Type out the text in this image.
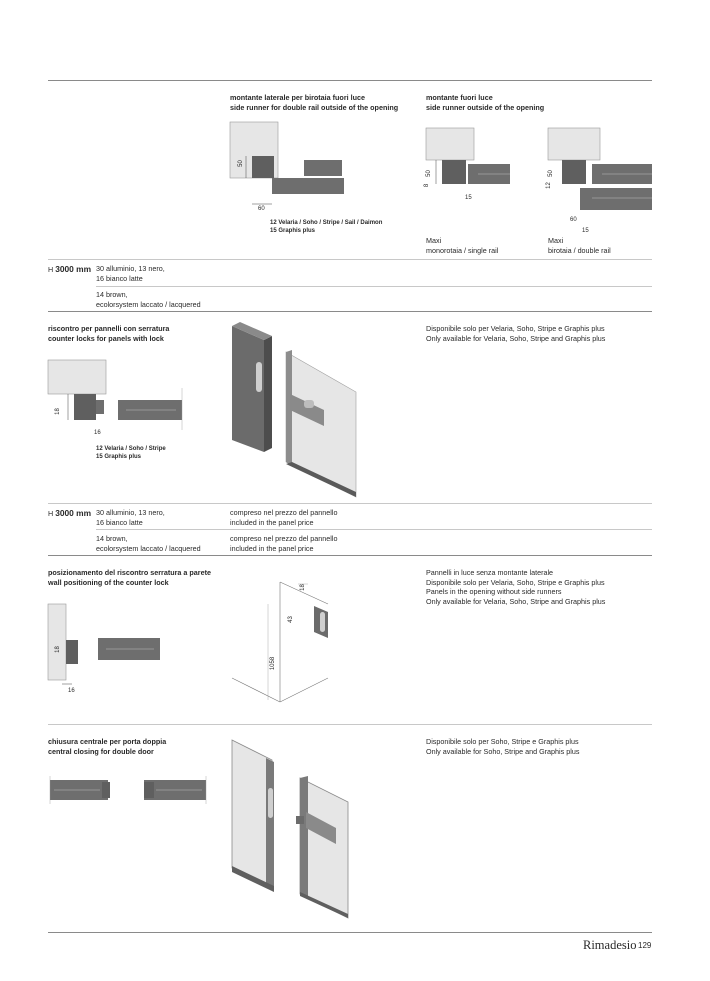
montante laterale per birotaia fuori luce
side runner for double rail outside of the opening
montante fuori luce
side runner outside of the opening
50
60
12 Velaria / Soho / Stripe / Sail / Daimon
15 Graphis plus
50
8
15
Maxi
monorotaia / single rail
50
12
60
15
Maxi
birotaia / double rail
H 3000 mm 30 alluminio, 13 nero,
16 bianco latte
14 brown,
ecolorsystem laccato / lacquered
riscontro per pannelli con serratura
counter locks for panels with lock
Disponibile solo per Velaria, Soho, Stripe e Graphis plus
Only available for Velaria, Soho, Stripe and Graphis plus
18
16
12 Velaria / Soho / Stripe
15 Graphis plus
H 3000 mm 30 alluminio, 13 nero,
16 bianco latte
compreso nel prezzo del pannello
included in the panel price
14 brown,
ecolorsystem laccato / lacquered
compreso nel prezzo del pannello
included in the panel price
posizionamento del riscontro serratura a parete
wall positioning of the counter lock
Pannelli in luce senza montante laterale
Disponibile solo per Velaria, Soho, Stripe e Graphis plus
Panels in the opening without side runners
Only available for Velaria, Soho, Stripe and Graphis plus
18
16
18
43
1058
chiusura centrale per porta doppia
central closing for double door
Disponibile solo per Soho, Stripe e Graphis plus
Only available for Soho, Stripe and Graphis plus
Rimadesio 129
